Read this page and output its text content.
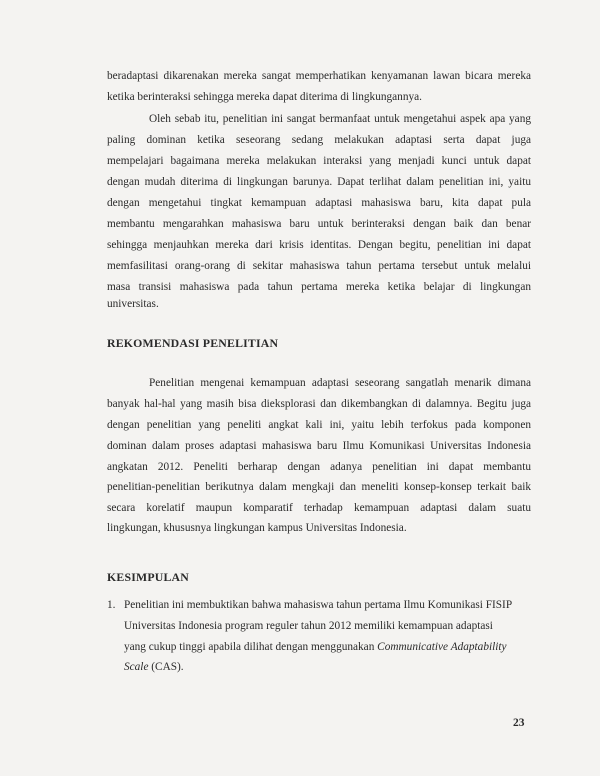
beradaptasi dikarenakan mereka sangat memperhatikan kenyamanan lawan bicara mereka
ketika berinteraksi sehingga mereka dapat diterima di lingkungannya.
Oleh sebab itu, penelitian ini sangat bermanfaat untuk mengetahui aspek apa yang
paling dominan ketika seseorang sedang melakukan adaptasi serta dapat juga
mempelajari bagaimana mereka melakukan interaksi yang menjadi kunci untuk dapat
dengan mudah diterima di lingkungan barunya. Dapat terlihat dalam penelitian ini, yaitu
dengan mengetahui tingkat kemampuan adaptasi mahasiswa baru, kita dapat pula
membantu mengarahkan mahasiswa baru untuk berinteraksi dengan baik dan benar
sehingga menjauhkan mereka dari krisis identitas. Dengan begitu, penelitian ini dapat
memfasilitasi orang-orang di sekitar mahasiswa tahun pertama tersebut untuk melalui
masa transisi mahasiswa pada tahun pertama mereka ketika belajar di lingkungan
universitas.
REKOMENDASI PENELITIAN
Penelitian mengenai kemampuan adaptasi seseorang sangatlah menarik dimana
banyak hal-hal yang masih bisa dieksplorasi dan dikembangkan di dalamnya. Begitu juga
dengan penelitian yang peneliti angkat kali ini, yaitu lebih terfokus pada komponen
dominan dalam proses adaptasi mahasiswa baru Ilmu Komunikasi Universitas Indonesia
angkatan 2012. Peneliti berharap dengan adanya penelitian ini dapat membantu
penelitian-penelitian berikutnya dalam mengkaji dan meneliti konsep-konsep terkait baik
secara korelatif maupun komparatif terhadap kemampuan adaptasi dalam suatu
lingkungan, khususnya lingkungan kampus Universitas Indonesia.
KESIMPULAN
1. Penelitian ini membuktikan bahwa mahasiswa tahun pertama Ilmu Komunikasi FISIP
Universitas Indonesia program reguler tahun 2012 memiliki kemampuan adaptasi
yang cukup tinggi apabila dilihat dengan menggunakan Communicative Adaptability
Scale (CAS).
23
